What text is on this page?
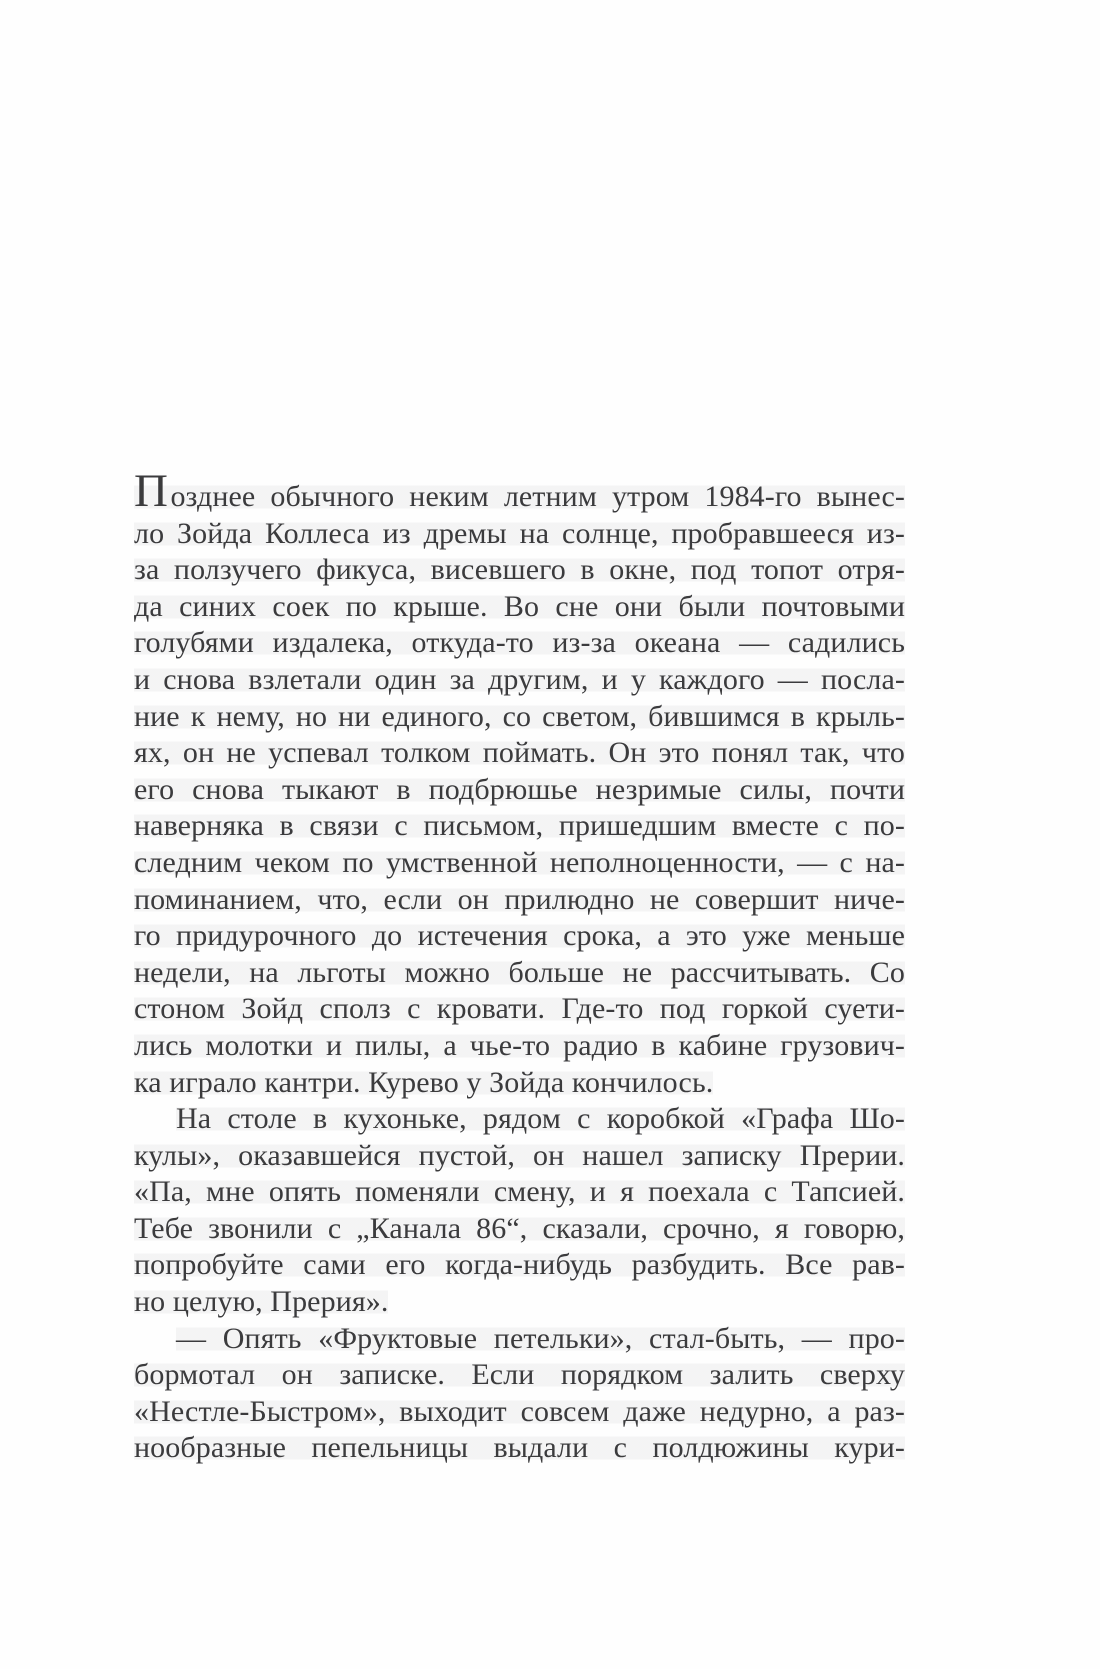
Позднее обычного неким летним утром 1984-го вынес-
ло Зойда Коллеса из дремы на солнце, пробравшееся из-
за ползучего фикуса, висевшего в окне, под топот отря-
да синих соек по крыше. Во сне они были почтовыми
голубями издалека, откуда-то из-за океана — садились
и снова взлетали один за другим, и у каждого — посла-
ние к нему, но ни единого, со светом, бившимся в крыль-
ях, он не успевал толком поймать. Он это понял так, что
его снова тыкают в подбрюшье незримые силы, почти
наверняка в связи с письмом, пришедшим вместе с по-
следним чеком по умственной неполноценности, — с на-
поминанием, что, если он прилюдно не совершит ниче-
го придурочного до истечения срока, а это уже меньше
недели, на льготы можно больше не рассчитывать. Со
стоном Зойд сполз с кровати. Где-то под горкой суети-
лись молотки и пилы, а чье-то радио в кабине грузович-
ка играло кантри. Курево у Зойда кончилось.
На столе в кухоньке, рядом с коробкой «Графа Шо-
кулы», оказавшейся пустой, он нашел записку Прерии.
«Па, мне опять поменяли смену, и я поехала с Тапсией.
Тебе звонили с „Канала 86“, сказали, срочно, я говорю,
попробуйте сами его когда-нибудь разбудить. Все рав-
но целую, Прерия».
— Опять «Фруктовые петельки», стал-быть, — про-
бормотал он записке. Если порядком залить сверху
«Нестле-Быстром», выходит совсем даже недурно, а раз-
нообразные пепельницы выдали с полдюжины кури-
